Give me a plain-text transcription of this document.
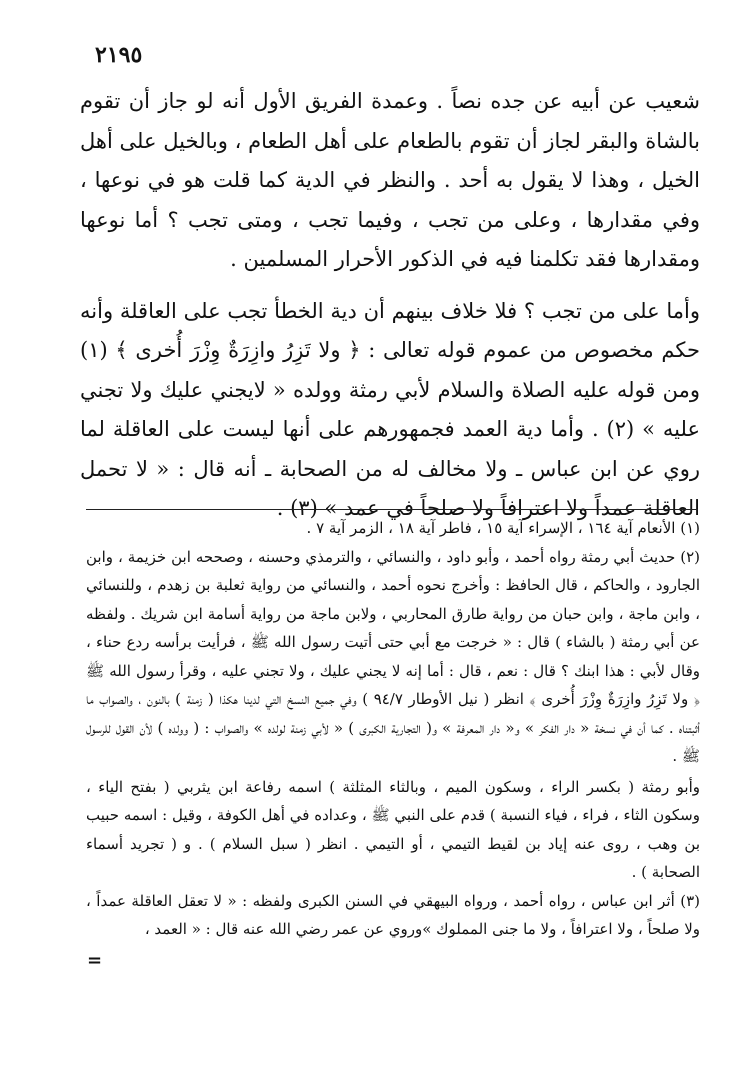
٢١٩٥

شعيب عن أبيه عن جده نصاً . وعمدة الفريق الأول أنه لو جاز أن تقوم بالشاة والبقر لجاز أن تقوم بالطعام على أهل الطعام ، وبالخيل على أهل الخيل ، وهذا لا يقول به أحد . والنظر في الدية كما قلت هو في نوعها ، وفي مقدارها ، وعلى من تجب ، وفيما تجب ، ومتى تجب ؟ أما نوعها ومقدارها فقد تكلمنا فيه في الذكور الأحرار المسلمين .

وأما على من تجب ؟ فلا خلاف بينهم أن دية الخطأ تجب على العاقلة وأنه حكم مخصوص من عموم قوله تعالى : ﴿ ولا تَزِرُ وازِرَةٌ وِزْرَ أُخرى ﴾ (١) ومن قوله عليه الصلاة والسلام لأبي رمثة وولده « لايجني عليك ولا تجني عليه » (٢) . وأما دية العمد فجمهورهم على أنها ليست على العاقلة لما روي عن ابن عباس ـ ولا مخالف له من الصحابة ـ أنه قال : « لا تحمل العاقلة عمداً ولا اعترافاً ولا صلحاً في عمد » (٣) .

(١) الأنعام آية ١٦٤ ، الإسراء آية ١٥ ، فاطر آية ١٨ ، الزمر آية ٧ .

(٢) حديث أبي رمثة رواه أحمد ، وأبو داود ، والنسائي ، والترمذي وحسنه ، وصححه ابن خزيمة ، وابن الجارود ، والحاكم ، قال الحافظ : وأخرج نحوه أحمد ، والنسائي من رواية ثعلبة بن زهدم ، وللنسائي ، وابن ماجة ، وابن حبان من رواية طارق المحاربي ، ولابن ماجة من رواية أسامة ابن شريك . ولفظه عن أبي رمثة ( بالشاء ) قال : « خرجت مع أبي حتى أتيت رسول الله ﷺ ، فرأيت برأسه ردع حناء ، وقال لأبي : هذا ابنك ؟ قال : نعم ، قال : أما إنه لا يجني عليك ، ولا تجني عليه ، وقرأ رسول الله ﷺ ﴿ ولا تَزِرُ وازِرَةٌ وِزْرَ أُخرى ﴾ انظر ( نيل الأوطار ٩٤/٧ ) وفي جميع النسخ التي لدينا هكذا ( زمنة ) بالنون ، والصواب ما أثبتناه . كما أن في نسخة « دار الفكر » و« دار المعرفة » و( التجارية الكبرى ) « لأبي زمنة لولده » والصواب : ( وولده ) لأن القول للرسول ﷺ .

وأبو رمثة ( بكسر الراء ، وسكون الميم ، وبالثاء المثلثة ) اسمه رفاعة ابن يثربي ( بفتح الياء ، وسكون الثاء ، فراء ، فياء النسبة ) قدم على النبي ﷺ ، وعداده في أهل الكوفة ، وقيل : اسمه حبيب بن وهب ، روى عنه إياد بن لقيط التيمي ، أو التيمي . انظر ( سبل السلام ) . و ( تجريد أسماء الصحابة ) .

(٣) أثر ابن عباس ، رواه أحمد ، ورواه البيهقي في السنن الكبرى ولفظه : « لا تعقل العاقلة عمداً ، ولا صلحاً ، ولا اعترافاً ، ولا ما جنى المملوك »وروي عن عمر رضي الله عنه قال : « العمد ،

=
